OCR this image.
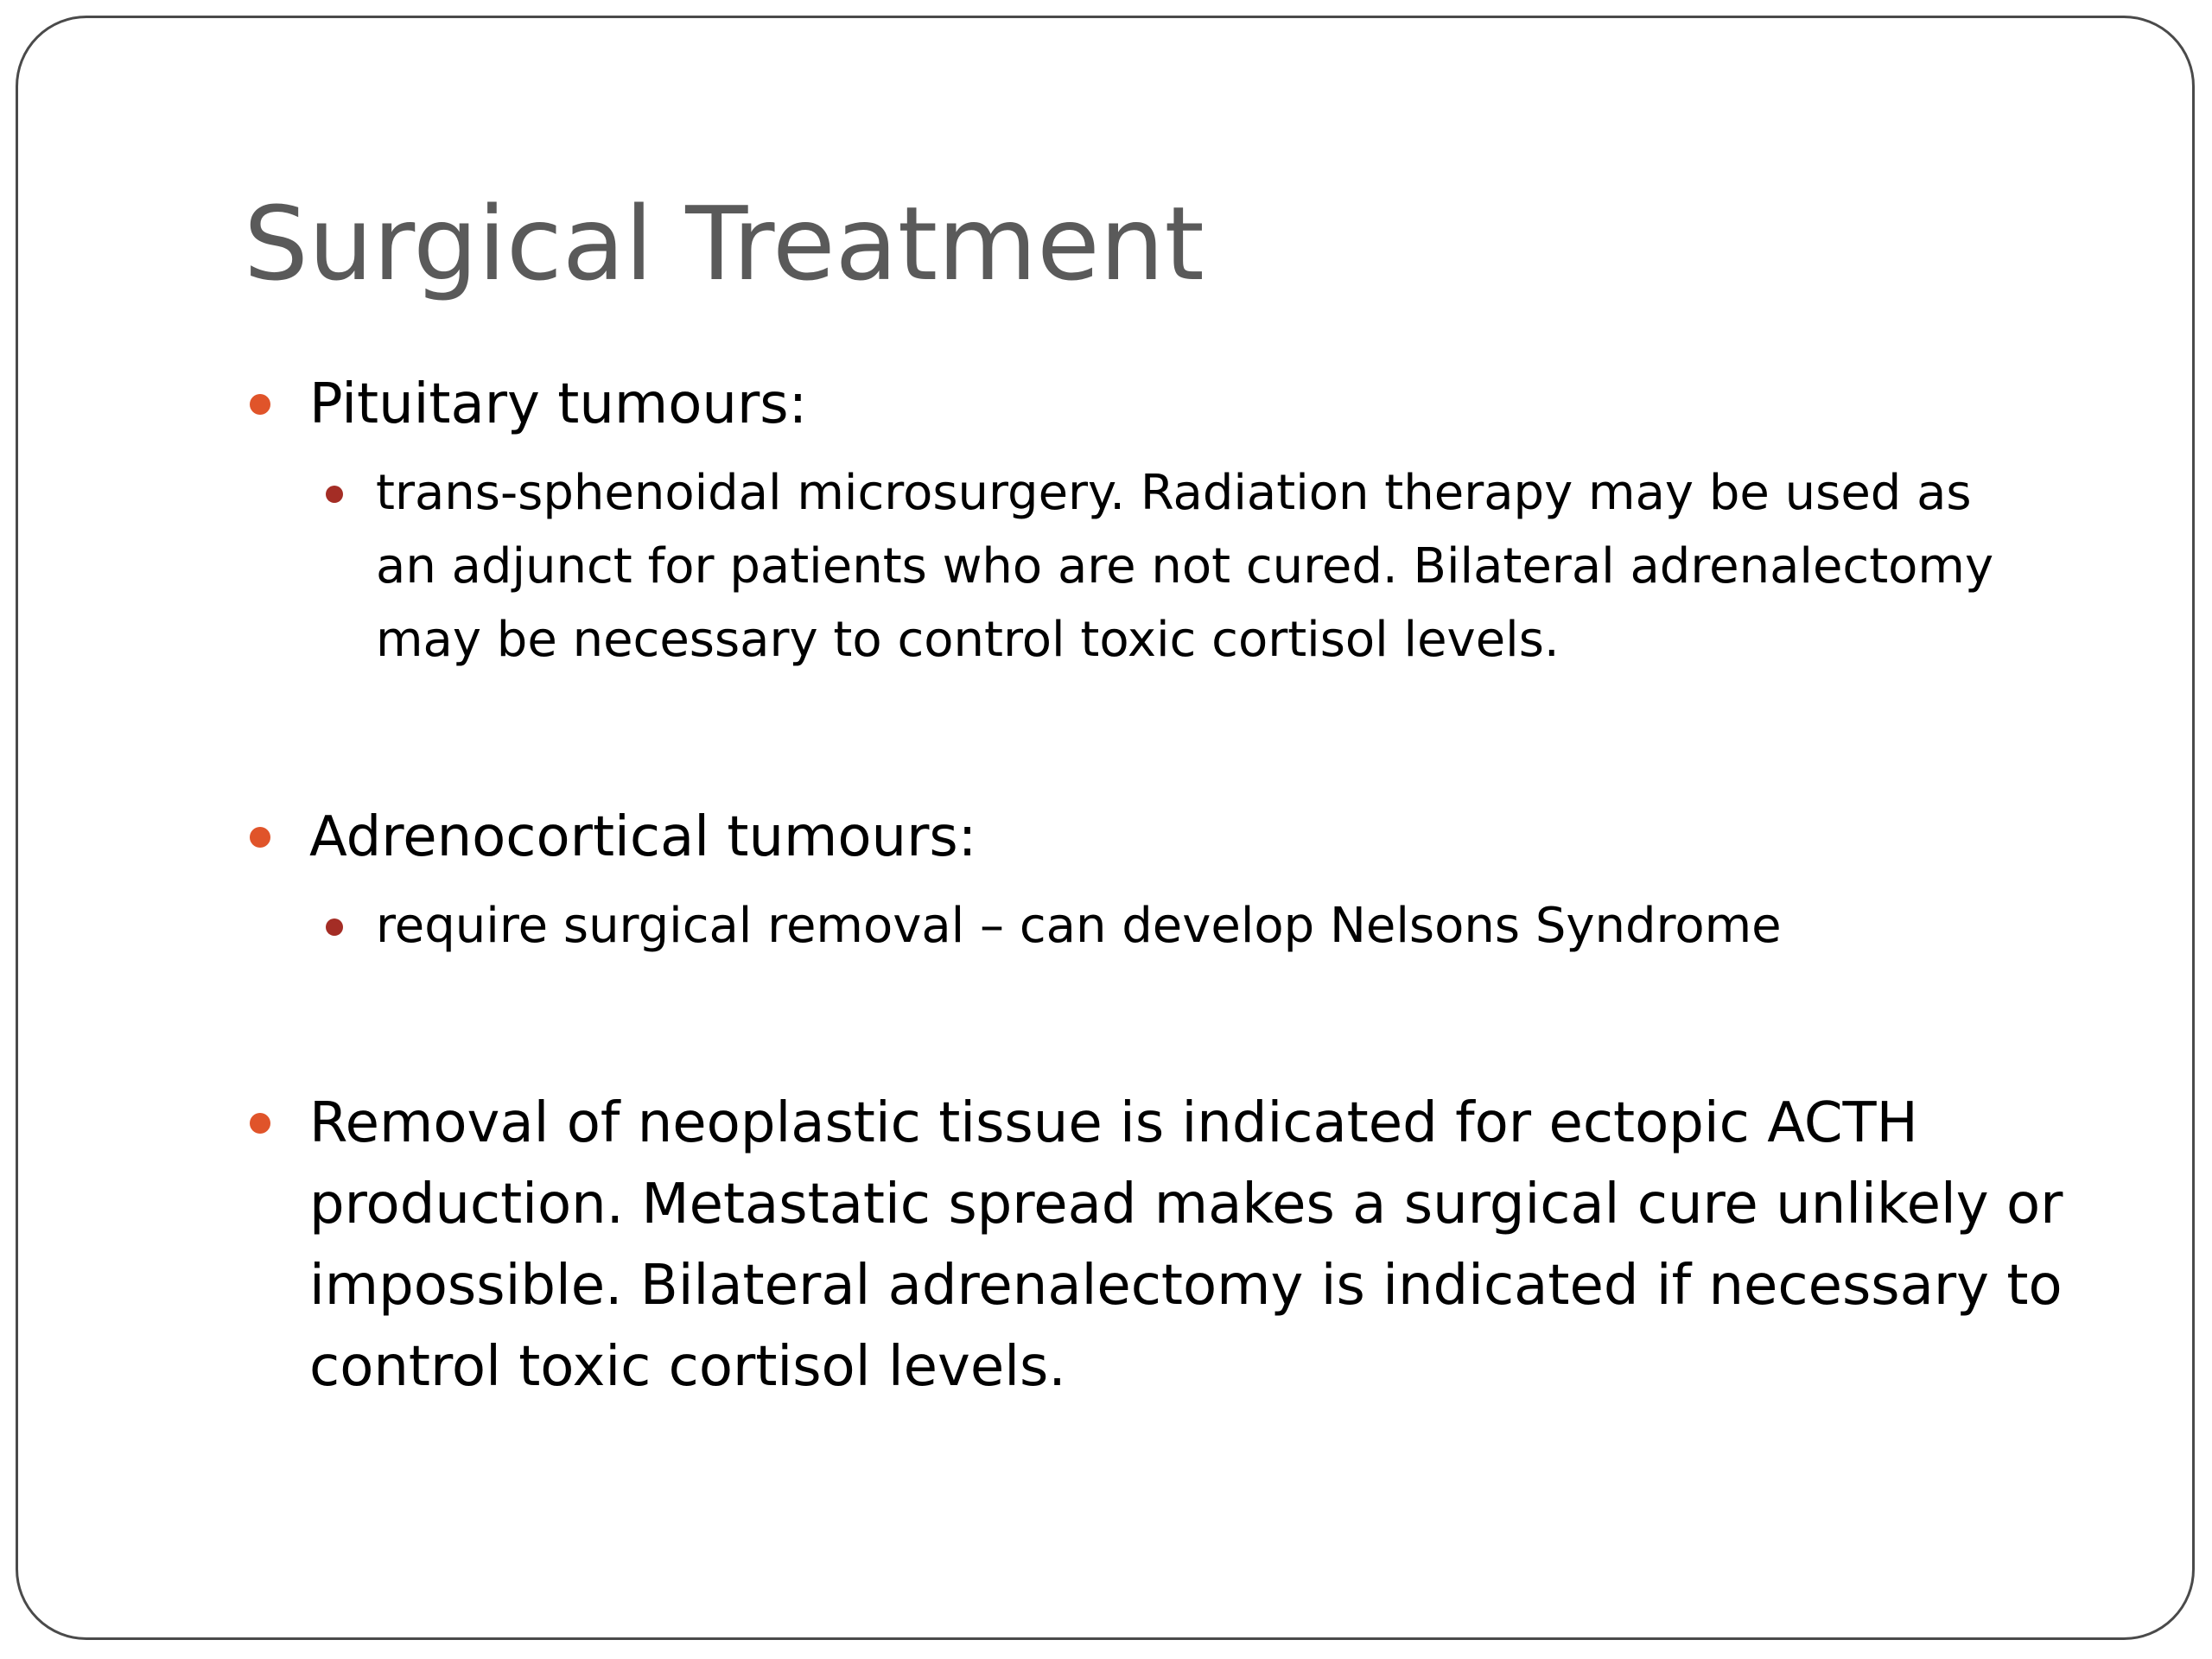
Surgical Treatment

Pituitary tumours:

trans-sphenoidal microsurgery. Radiation therapy may be used as
an adjunct for patients who are not cured. Bilateral adrenalectomy
may be necessary to control toxic cortisol levels.

Adrenocortical tumours:

require surgical removal – can develop Nelsons Syndrome

Removal of neoplastic tissue is indicated for ectopic ACTH
production. Metastatic spread makes a surgical cure unlikely or
impossible. Bilateral adrenalectomy is indicated if necessary to
control toxic cortisol levels.
